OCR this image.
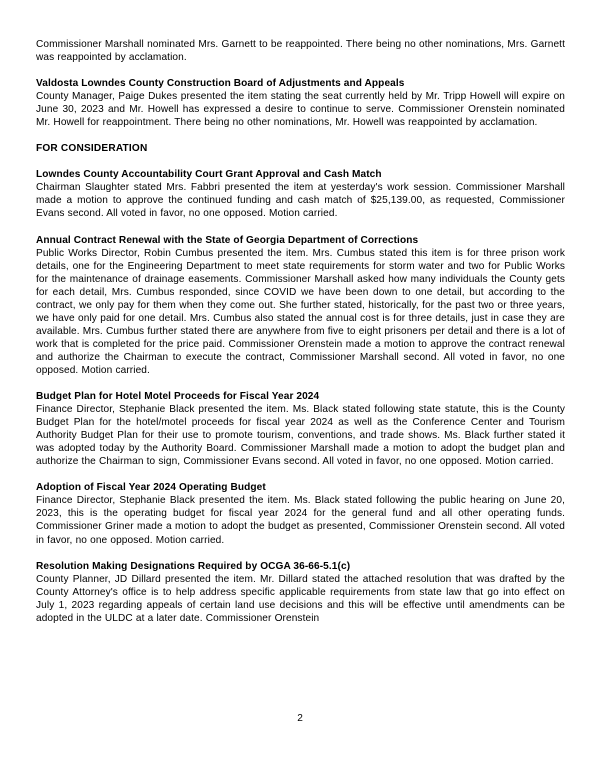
Commissioner Marshall nominated Mrs. Garnett to be reappointed. There being no other nominations, Mrs. Garnett was reappointed by acclamation.

Valdosta Lowndes County Construction Board of Adjustments and Appeals

County Manager, Paige Dukes presented the item stating the seat currently held by Mr. Tripp Howell will expire on June 30, 2023 and Mr. Howell has expressed a desire to continue to serve. Commissioner Orenstein nominated Mr. Howell for reappointment. There being no other nominations, Mr. Howell was reappointed by acclamation.

FOR CONSIDERATION

Lowndes County Accountability Court Grant Approval and Cash Match

Chairman Slaughter stated Mrs. Fabbri presented the item at yesterday's work session. Commissioner Marshall made a motion to approve the continued funding and cash match of $25,139.00, as requested, Commissioner Evans second. All voted in favor, no one opposed. Motion carried.

Annual Contract Renewal with the State of Georgia Department of Corrections

Public Works Director, Robin Cumbus presented the item. Mrs. Cumbus stated this item is for three prison work details, one for the Engineering Department to meet state requirements for storm water and two for Public Works for the maintenance of drainage easements. Commissioner Marshall asked how many individuals the County gets for each detail, Mrs. Cumbus responded, since COVID we have been down to one detail, but according to the contract, we only pay for them when they come out. She further stated, historically, for the past two or three years, we have only paid for one detail. Mrs. Cumbus also stated the annual cost is for three details, just in case they are available. Mrs. Cumbus further stated there are anywhere from five to eight prisoners per detail and there is a lot of work that is completed for the price paid. Commissioner Orenstein made a motion to approve the contract renewal and authorize the Chairman to execute the contract, Commissioner Marshall second. All voted in favor, no one opposed. Motion carried.

Budget Plan for Hotel Motel Proceeds for Fiscal Year 2024

Finance Director, Stephanie Black presented the item. Ms. Black stated following state statute, this is the County Budget Plan for the hotel/motel proceeds for fiscal year 2024 as well as the Conference Center and Tourism Authority Budget Plan for their use to promote tourism, conventions, and trade shows. Ms. Black further stated it was adopted today by the Authority Board. Commissioner Marshall made a motion to adopt the budget plan and authorize the Chairman to sign, Commissioner Evans second. All voted in favor, no one opposed. Motion carried.

Adoption of Fiscal Year 2024 Operating Budget

Finance Director, Stephanie Black presented the item. Ms. Black stated following the public hearing on June 20, 2023, this is the operating budget for fiscal year 2024 for the general fund and all other operating funds. Commissioner Griner made a motion to adopt the budget as presented, Commissioner Orenstein second. All voted in favor, no one opposed. Motion carried.

Resolution Making Designations Required by OCGA 36-66-5.1(c)

County Planner, JD Dillard presented the item. Mr. Dillard stated the attached resolution that was drafted by the County Attorney's office is to help address specific applicable requirements from state law that go into effect on July 1, 2023 regarding appeals of certain land use decisions and this will be effective until amendments can be adopted in the ULDC at a later date. Commissioner Orenstein

2
